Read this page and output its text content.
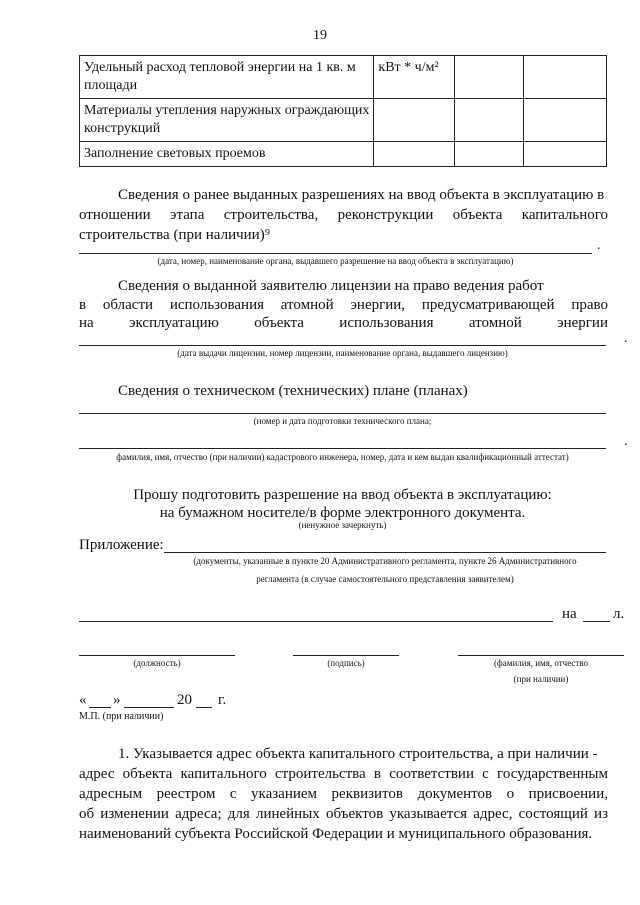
19
Удельный расход тепловой энергии на 1 кв. м площади	кВт * ч/м²		
Материалы утепления наружных ограждающих конструкций			
Заполнение световых проемов			
Сведения о ранее выданных разрешениях на ввод объекта в эксплуатацию в
отношении этапа строительства, реконструкции объекта капитального
строительства (при наличии)⁹
.
(дата, номер, наименование органа, выдавшего разрешение на ввод объекта в эксплуатацию)
Сведения о выданной заявителю лицензии на право ведения работ
в области использования атомной энергии, предусматривающей право
на эксплуатацию объекта использования атомной энергии
.
(дата выдачи лицензии, номер лицензии, наименование органа, выдавшего лицензию)
Сведения о техническом (технических) плане (планах)
(номер и дата подготовки технического плана;
.
фамилия, имя, отчество (при наличии) кадастрового инженера, номер, дата и кем выдан квалификационный аттестат)
Прошу подготовить разрешение на ввод объекта в эксплуатацию:
на бумажном носителе/в форме электронного документа.
(ненужное зачеркнуть)
Приложение:
(документы, указанные в пункте 20 Административного регламента, пункте 26 Административного
регламента (в случае самостоятельного представления заявителем)
на л.
(должность)	(подпись)	(фамилия, имя, отчество
(при наличии)
« »	20 г.
М.П. (при наличии)
1. Указывается адрес объекта капитального строительства, а при наличии -
адрес объекта капитального строительства в соответствии с государственным
адресным реестром с указанием реквизитов документов о присвоении,
об изменении адреса; для линейных объектов указывается адрес, состоящий из
наименований субъекта Российской Федерации и муниципального образования.
